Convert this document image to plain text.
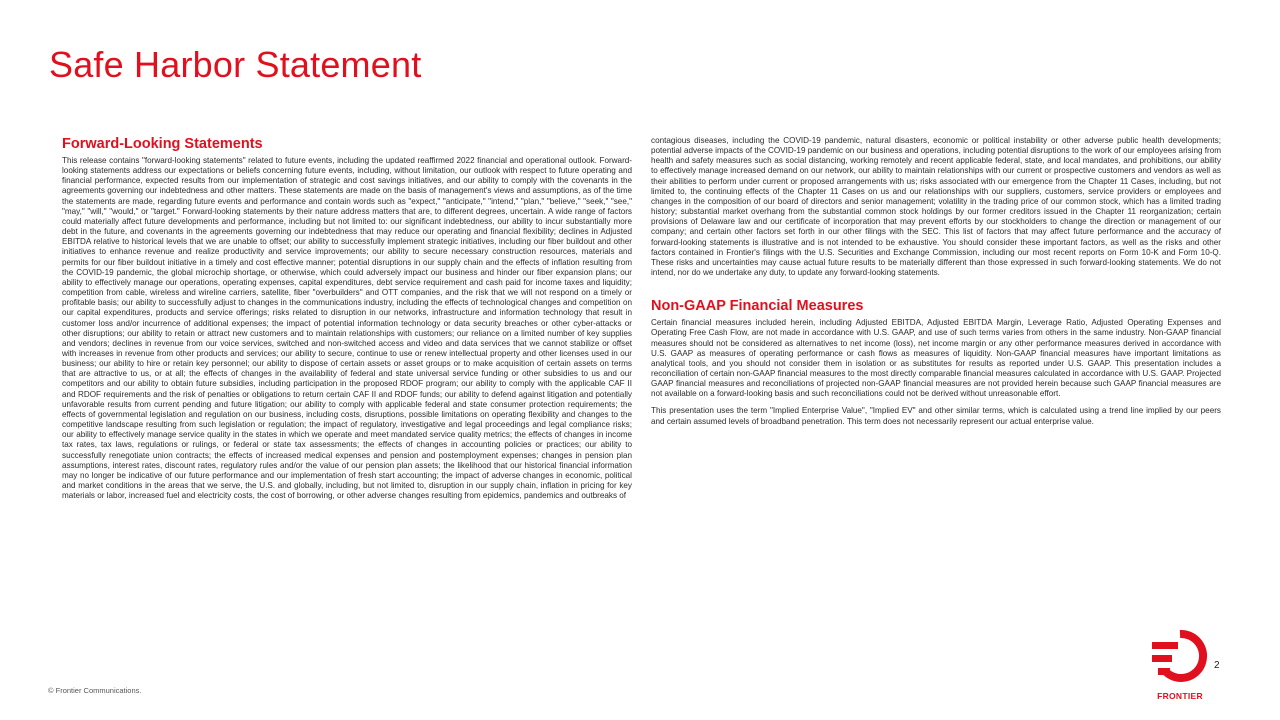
Safe Harbor Statement
Forward-Looking Statements

This release contains "forward-looking statements" related to future events, including the updated reaffirmed 2022 financial and operational outlook. Forward-looking statements address our expectations or beliefs concerning future events, including, without limitation, our outlook with respect to future operating and financial performance, expected results from our implementation of strategic and cost savings initiatives, and our ability to comply with the covenants in the agreements governing our indebtedness and other matters. These statements are made on the basis of management's views and assumptions, as of the time the statements are made, regarding future events and performance and contain words such as "expect," "anticipate," "intend," "plan," "believe," "seek," "see," "may," "will," "would," or "target." Forward-looking statements by their nature address matters that are, to different degrees, uncertain. A wide range of factors could materially affect future developments and performance, including but not limited to: our significant indebtedness, our ability to incur substantially more debt in the future, and covenants in the agreements governing our indebtedness that may reduce our operating and financial flexibility; declines in Adjusted EBITDA relative to historical levels that we are unable to offset; our ability to successfully implement strategic initiatives, including our fiber buildout and other initiatives to enhance revenue and realize productivity and service improvements; our ability to secure necessary construction resources, materials and permits for our fiber buildout initiative in a timely and cost effective manner; potential disruptions in our supply chain and the effects of inflation resulting from the COVID-19 pandemic, the global microchip shortage, or otherwise, which could adversely impact our business and hinder our fiber expansion plans; our ability to effectively manage our operations, operating expenses, capital expenditures, debt service requirement and cash paid for income taxes and liquidity; competition from cable, wireless and wireline carriers, satellite, fiber "overbuilders" and OTT companies, and the risk that we will not respond on a timely or profitable basis; our ability to successfully adjust to changes in the communications industry, including the effects of technological changes and competition on our capital expenditures, products and service offerings; risks related to disruption in our networks, infrastructure and information technology that result in customer loss and/or incurrence of additional expenses; the impact of potential information technology or data security breaches or other cyber-attacks or other disruptions; our ability to retain or attract new customers and to maintain relationships with customers; our reliance on a limited number of key supplies and vendors; declines in revenue from our voice services, switched and non-switched access and video and data services that we cannot stabilize or offset with increases in revenue from other products and services; our ability to secure, continue to use or renew intellectual property and other licenses used in our business; our ability to hire or retain key personnel; our ability to dispose of certain assets or asset groups or to make acquisition of certain assets on terms that are attractive to us, or at all; the effects of changes in the availability of federal and state universal service funding or other subsidies to us and our competitors and our ability to obtain future subsidies, including participation in the proposed RDOF program; our ability to comply with the applicable CAF II and RDOF requirements and the risk of penalties or obligations to return certain CAF II and RDOF funds; our ability to defend against litigation and potentially unfavorable results from current pending and future litigation; our ability to comply with applicable federal and state consumer protection requirements; the effects of governmental legislation and regulation on our business, including costs, disruptions, possible limitations on operating flexibility and changes to the competitive landscape resulting from such legislation or regulation; the impact of regulatory, investigative and legal proceedings and legal compliance risks; our ability to effectively manage service quality in the states in which we operate and meet mandated service quality metrics; the effects of changes in income tax rates, tax laws, regulations or rulings, or federal or state tax assessments; the effects of changes in accounting policies or practices; our ability to successfully renegotiate union contracts; the effects of increased medical expenses and pension and postemployment expenses; changes in pension plan assumptions, interest rates, discount rates, regulatory rules and/or the value of our pension plan assets; the likelihood that our historical financial information may no longer be indicative of our future performance and our implementation of fresh start accounting; the impact of adverse changes in economic, political and market conditions in the areas that we serve, the U.S. and globally, including, but not limited to, disruption in our supply chain, inflation in pricing for key materials or labor, increased fuel and electricity costs, the cost of borrowing, or other adverse changes resulting from epidemics, pandemics and outbreaks of

contagious diseases, including the COVID-19 pandemic, natural disasters, economic or political instability or other adverse public health developments; potential adverse impacts of the COVID-19 pandemic on our business and operations, including potential disruptions to the work of our employees arising from health and safety measures such as social distancing, working remotely and recent applicable federal, state, and local mandates, and prohibitions, our ability to effectively manage increased demand on our network, our ability to maintain relationships with our current or prospective customers and vendors as well as their abilities to perform under current or proposed arrangements with us; risks associated with our emergence from the Chapter 11 Cases, including, but not limited to, the continuing effects of the Chapter 11 Cases on us and our relationships with our suppliers, customers, service providers or employees and changes in the composition of our board of directors and senior management; volatility in the trading price of our common stock, which has a limited trading history; substantial market overhang from the substantial common stock holdings by our former creditors issued in the Chapter 11 reorganization; certain provisions of Delaware law and our certificate of incorporation that may prevent efforts by our stockholders to change the direction or management of our company; and certain other factors set forth in our other filings with the SEC. This list of factors that may affect future performance and the accuracy of forward-looking statements is illustrative and is not intended to be exhaustive. You should consider these important factors, as well as the risks and other factors contained in Frontier's filings with the U.S. Securities and Exchange Commission, including our most recent reports on Form 10-K and Form 10-Q. These risks and uncertainties may cause actual future results to be materially different than those expressed in such forward-looking statements. We do not intend, nor do we undertake any duty, to update any forward-looking statements.

Non-GAAP Financial Measures

Certain financial measures included herein, including Adjusted EBITDA, Adjusted EBITDA Margin, Leverage Ratio, Adjusted Operating Expenses and Operating Free Cash Flow, are not made in accordance with U.S. GAAP, and use of such terms varies from others in the same industry. Non-GAAP financial measures should not be considered as alternatives to net income (loss), net income margin or any other performance measures derived in accordance with U.S. GAAP as measures of operating performance or cash flows as measures of liquidity. Non-GAAP financial measures have important limitations as analytical tools, and you should not consider them in isolation or as substitutes for results as reported under U.S. GAAP. This presentation includes a reconciliation of certain non-GAAP financial measures to the most directly comparable financial measures calculated in accordance with U.S. GAAP. Projected GAAP financial measures and reconciliations of projected non-GAAP financial measures are not provided herein because such GAAP financial measures are not available on a forward-looking basis and such reconciliations could not be derived without unreasonable effort.

This presentation uses the term "Implied Enterprise Value", "Implied EV" and other similar terms, which is calculated using a trend line implied by our peers and certain assumed levels of broadband penetration. This term does not necessarily represent our actual enterprise value.

© Frontier Communications.
2
FRONTIER
